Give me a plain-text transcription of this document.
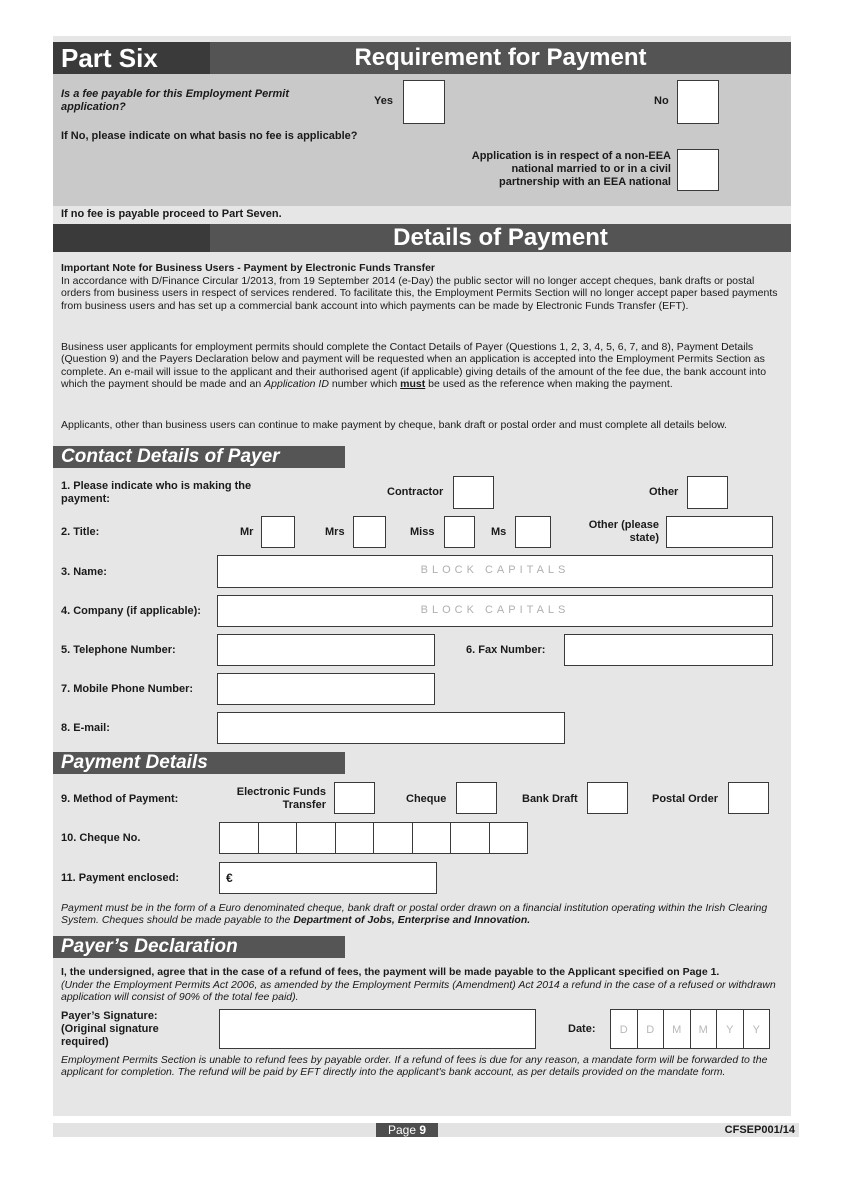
Part Six	Requirement for Payment
Is a fee payable for this Employment Permit application?	Yes	No
If No, please indicate on what basis no fee is applicable?
Application is in respect of a non-EEA national married to or in a civil partnership with an EEA national
If no fee is payable proceed to Part Seven.
Details of Payment
Important Note for Business Users - Payment by Electronic Funds Transfer
In accordance with D/Finance Circular 1/2013, from 19 September 2014 (e-Day) the public sector will no longer accept cheques, bank drafts or postal orders from business users in respect of services rendered. To facilitate this, the Employment Permits Section will no longer accept paper based payments from business users and has set up a commercial bank account into which payments can be made by Electronic Funds Transfer (EFT).
Business user applicants for employment permits should complete the Contact Details of Payer (Questions 1, 2, 3, 4, 5, 6, 7, and 8), Payment Details (Question 9) and the Payers Declaration below and payment will be requested when an application is accepted into the Employment Permits Section as complete. An e-mail will issue to the applicant and their authorised agent (if applicable) giving details of the amount of the fee due, the bank account into which the payment should be made and an Application ID number which must be used as the reference when making the payment.
Applicants, other than business users can continue to make payment by cheque, bank draft or postal order and must complete all details below.
Contact Details of Payer
1. Please indicate who is making the payment:
Contractor	Other
2. Title:	Mr	Mrs	Miss	Ms
Other (please state)
3. Name:	BLOCK CAPITALS
4. Company (if applicable):	BLOCK CAPITALS
5. Telephone Number:	6. Fax Number:
7. Mobile Phone Number:
8. E-mail:
Payment Details
9. Method of Payment:
Electronic Funds Transfer	Cheque	Bank Draft	Postal Order
10. Cheque No.
11. Payment enclosed:	€
Payment must be in the form of a Euro denominated cheque, bank draft or postal order drawn on a financial institution operating within the Irish Clearing System. Cheques should be made payable to the Department of Jobs, Enterprise and Innovation.
Payer’s Declaration
I, the undersigned, agree that in the case of a refund of fees, the payment will be made payable to the Applicant specified on Page 1.
(Under the Employment Permits Act 2006, as amended by the Employment Permits (Amendment) Act 2014 a refund in the case of a refused or withdrawn application will consist of 90% of the total fee paid).
Payer’s Signature: (Original signature required)
Date:	D	D	M	M	Y	Y
Employment Permits Section is unable to refund fees by payable order. If a refund of fees is due for any reason, a mandate form will be forwarded to the applicant for completion. The refund will be paid by EFT directly into the applicant's bank account, as per details provided on the mandate form.
Page 9	CFSEP001/14
